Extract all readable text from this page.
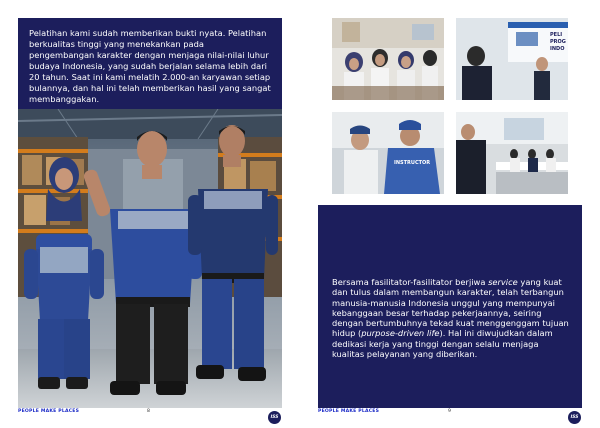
Pelatihan kami sudah memberikan bukti nyata. Pelatihan berkualitas tinggi yang menekankan pada pengembangan karakter dengan menjaga nilai-nilai luhur budaya Indonesia, yang sudah berjalan selama lebih dari 20 tahun. Saat ini kami melatih 2.000-an karyawan setiap bulannya, dan hal ini telah memberikan hasil yang sangat membanggakan.
PEOPLE MAKE PLACES	8
ISS
PELI
PROG
INDO
INSTRUCTOR
Bersama fasilitator-fasilitator berjiwa service yang kuat dan tulus dalam membangun karakter, telah terbangun manusia-manusia Indonesia unggul yang mempunyai kebanggaan besar terhadap pekerjaannya, seiring dengan bertumbuhnya tekad kuat menggenggam tujuan hidup (purpose-driven life). Hal ini diwujudkan dalam dedikasi kerja yang tinggi dengan selalu menjaga kualitas pelayanan yang diberikan.
PEOPLE MAKE PLACES	9
ISS
